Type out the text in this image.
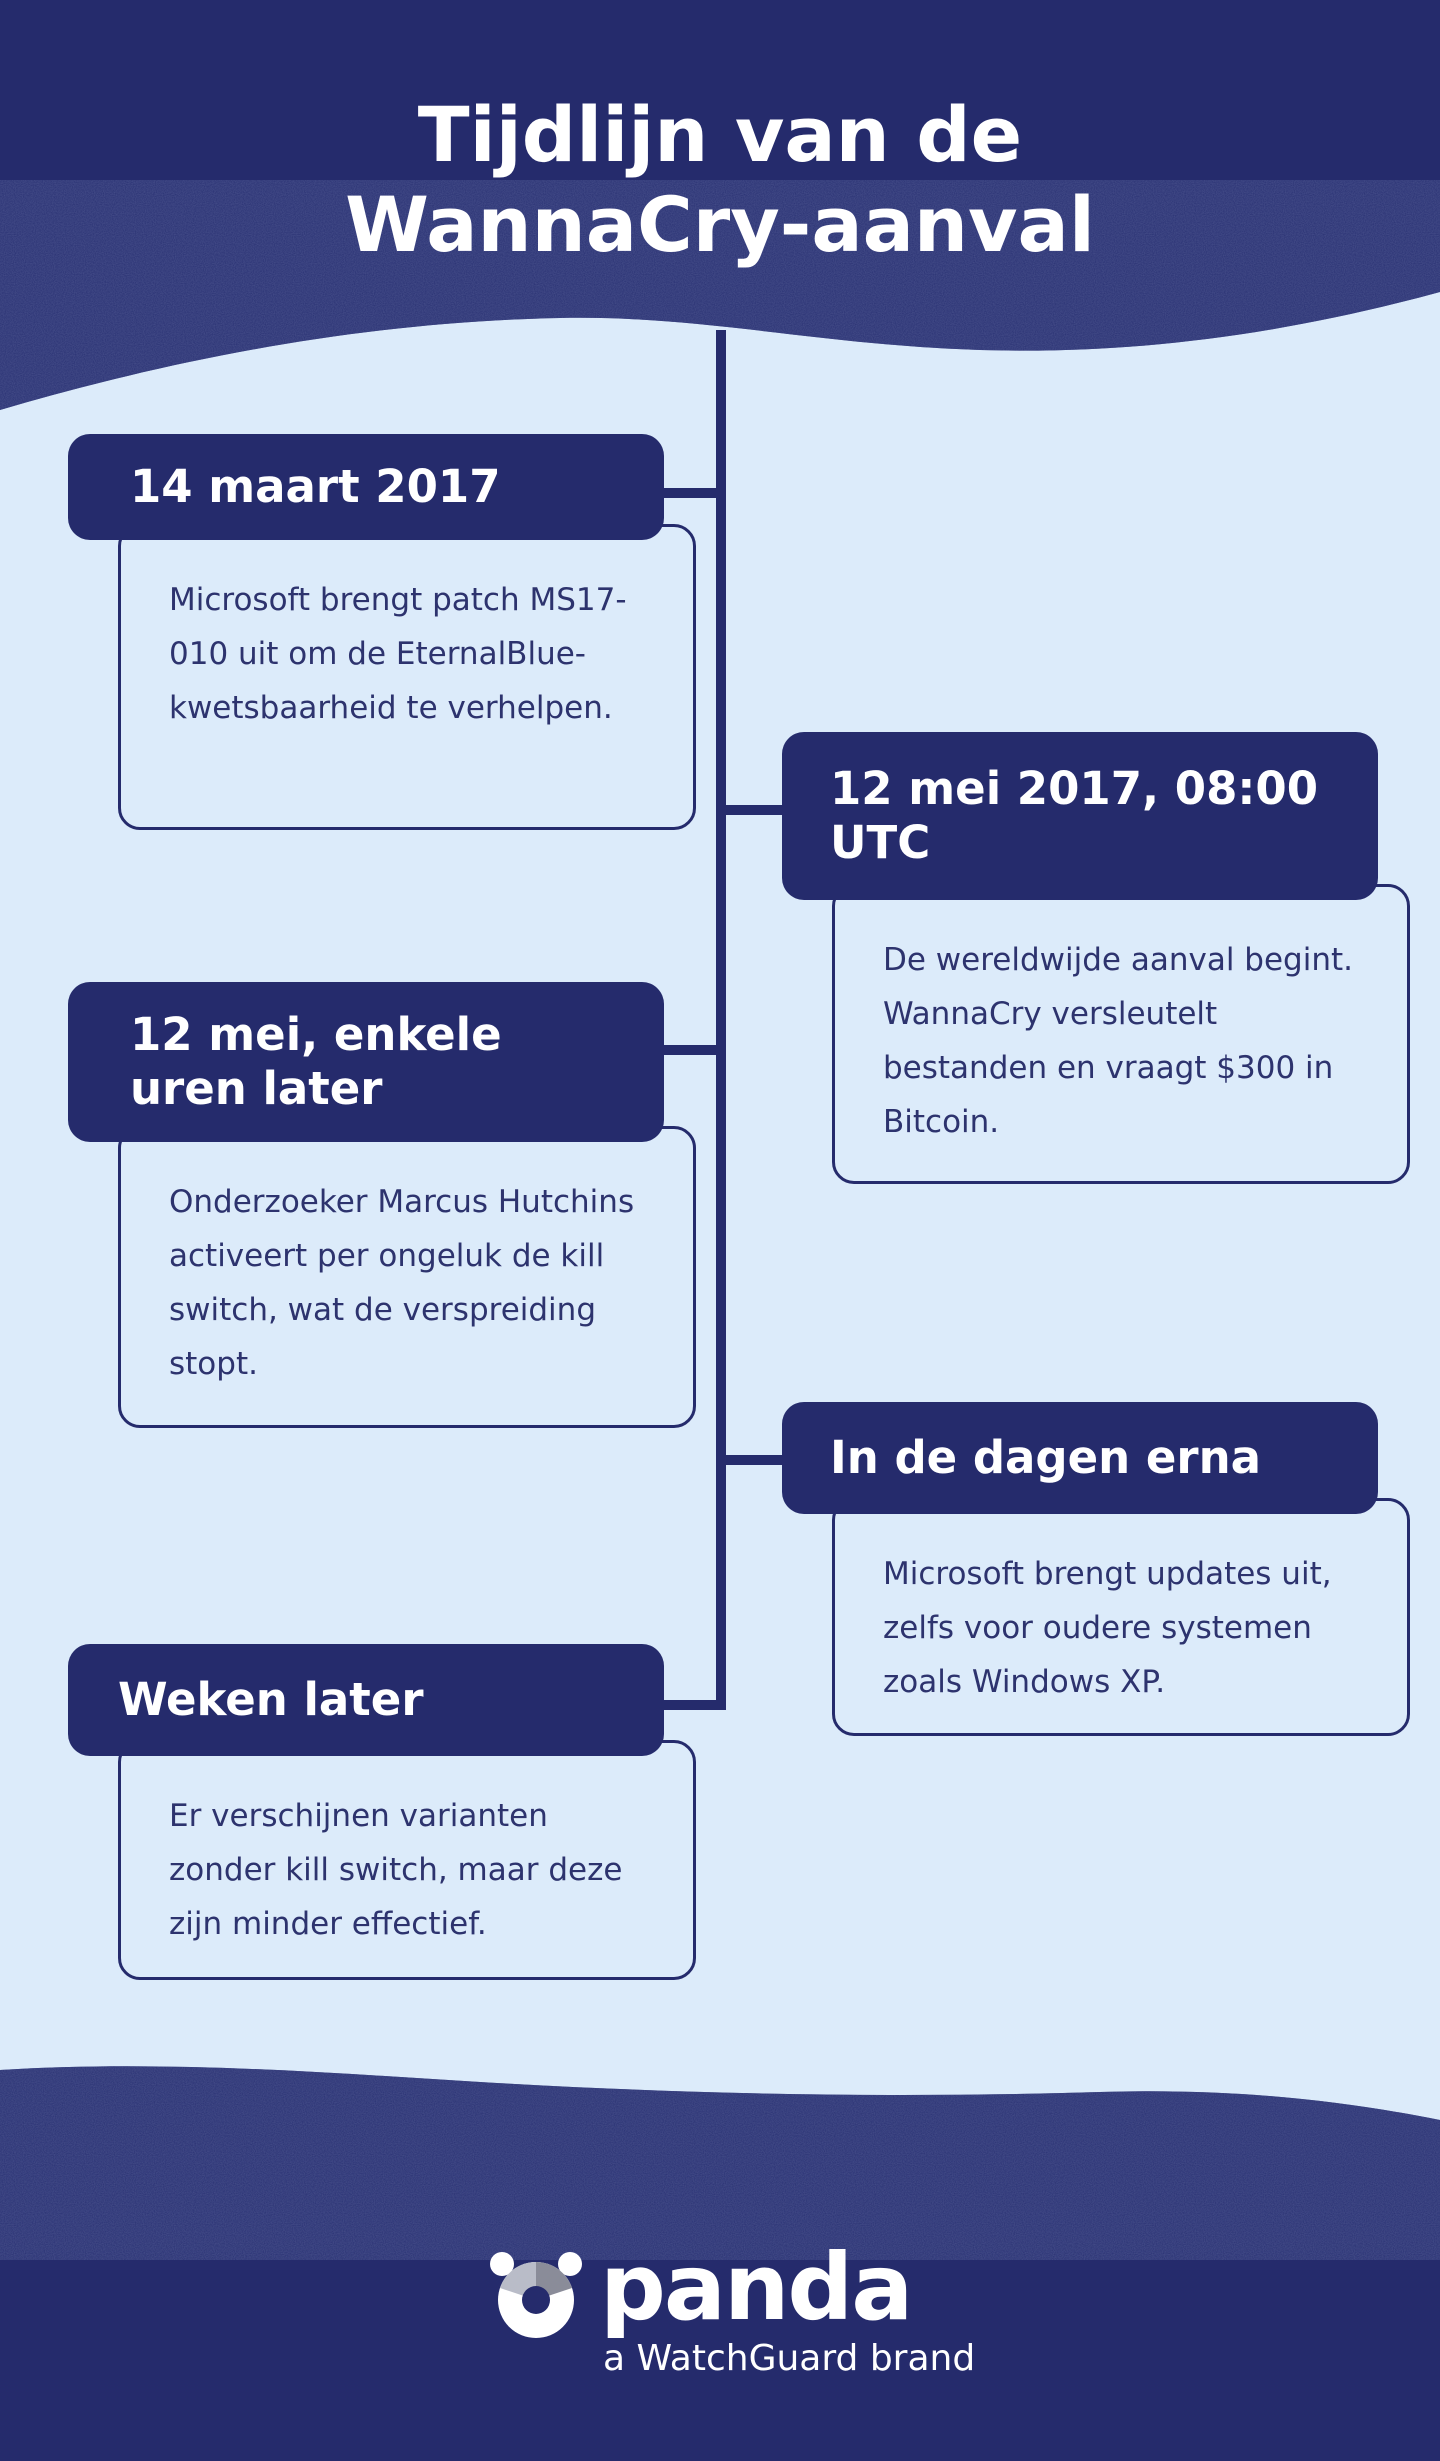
Tijdlijn van de
WannaCry-aanval
14 maart 2017

Microsoft brengt patch MS17-010 uit om de EternalBlue-kwetsbaarheid te verhelpen.

12 mei 2017, 08:00 UTC

De wereldwijde aanval begint. WannaCry versleutelt bestanden en vraagt $300 in Bitcoin.

12 mei, enkele uren later

Onderzoeker Marcus Hutchins activeert per ongeluk de kill switch, wat de verspreiding stopt.

In de dagen erna

Microsoft brengt updates uit, zelfs voor oudere systemen zoals Windows XP.

Weken later

Er verschijnen varianten zonder kill switch, maar deze zijn minder effectief.

panda
a WatchGuard brand
